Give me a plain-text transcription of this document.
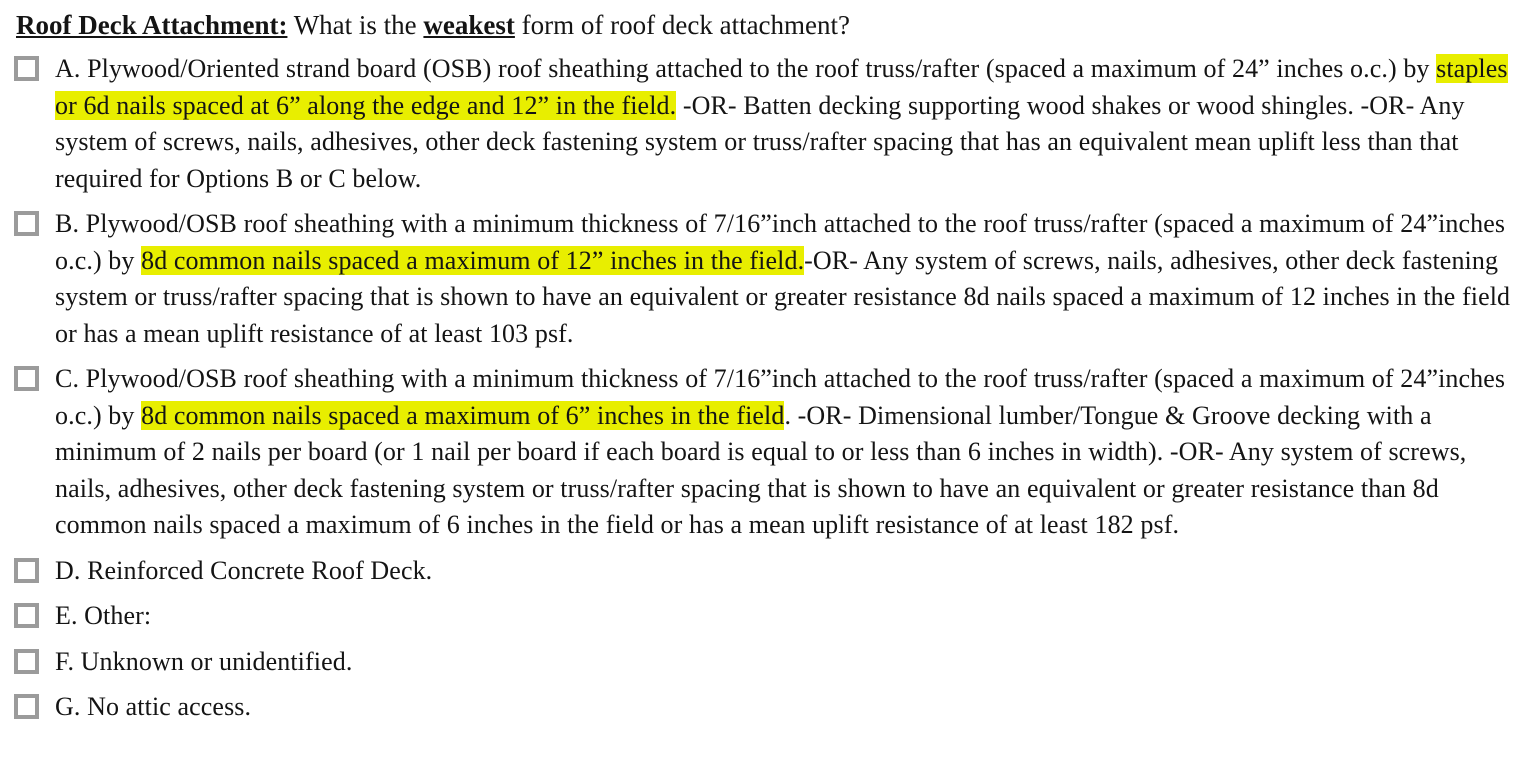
Roof Deck Attachment: What is the weakest form of roof deck attachment?

A. Plywood/Oriented strand board (OSB) roof sheathing attached to the roof truss/rafter (spaced a maximum of 24” inches o.c.) by staples or 6d nails spaced at 6” along the edge and 12” in the field. -OR- Batten decking supporting wood shakes or wood shingles. -OR- Any system of screws, nails, adhesives, other deck fastening system or truss/rafter spacing that has an equivalent mean uplift less than that required for Options B or C below.
B. Plywood/OSB roof sheathing with a minimum thickness of 7/16”inch attached to the roof truss/rafter (spaced a maximum of 24”inches o.c.) by 8d common nails spaced a maximum of 12” inches in the field.-OR- Any system of screws, nails, adhesives, other deck fastening system or truss/rafter spacing that is shown to have an equivalent or greater resistance 8d nails spaced a maximum of 12 inches in the field or has a mean uplift resistance of at least 103 psf.
C. Plywood/OSB roof sheathing with a minimum thickness of 7/16”inch attached to the roof truss/rafter (spaced a maximum of 24”inches o.c.) by 8d common nails spaced a maximum of 6” inches in the field. -OR- Dimensional lumber/Tongue & Groove decking with a minimum of 2 nails per board (or 1 nail per board if each board is equal to or less than 6 inches in width). -OR- Any system of screws, nails, adhesives, other deck fastening system or truss/rafter spacing that is shown to have an equivalent or greater resistance than 8d common nails spaced a maximum of 6 inches in the field or has a mean uplift resistance of at least 182 psf.
D. Reinforced Concrete Roof Deck.
E. Other:
F. Unknown or unidentified.
G. No attic access.
